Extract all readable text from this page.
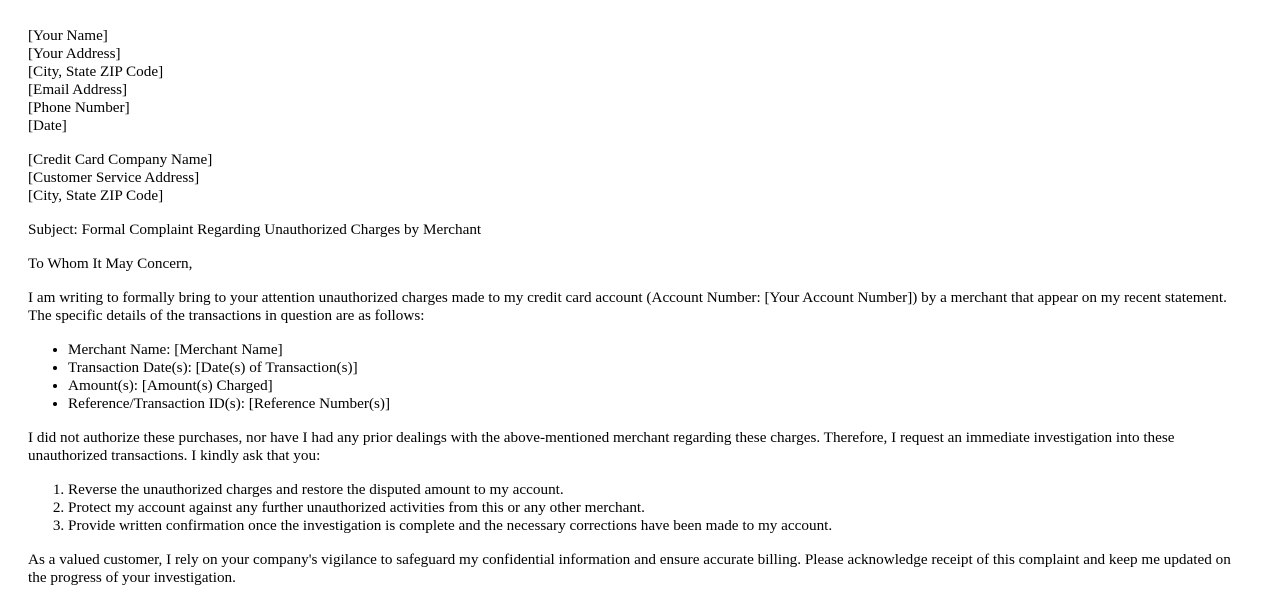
[Your Name]
[Your Address]
[City, State ZIP Code]
[Email Address]
[Phone Number]
[Date]
[Credit Card Company Name]
[Customer Service Address]
[City, State ZIP Code]

Subject: Formal Complaint Regarding Unauthorized Charges by Merchant

To Whom It May Concern,

I am writing to formally bring to your attention unauthorized charges made to my credit card account (Account Number: [Your Account Number]) by a merchant that appear on my recent statement. The specific details of the transactions in question are as follows:

• Merchant Name: [Merchant Name]
• Transaction Date(s): [Date(s) of Transaction(s)]
• Amount(s): [Amount(s) Charged]
• Reference/Transaction ID(s): [Reference Number(s)]

I did not authorize these purchases, nor have I had any prior dealings with the above-mentioned merchant regarding these charges. Therefore, I request an immediate investigation into these unauthorized transactions. I kindly ask that you:

1. Reverse the unauthorized charges and restore the disputed amount to my account.
2. Protect my account against any further unauthorized activities from this or any other merchant.
3. Provide written confirmation once the investigation is complete and the necessary corrections have been made to my account.

As a valued customer, I rely on your company's vigilance to safeguard my confidential information and ensure accurate billing. Please acknowledge receipt of this complaint and keep me updated on the progress of your investigation.
